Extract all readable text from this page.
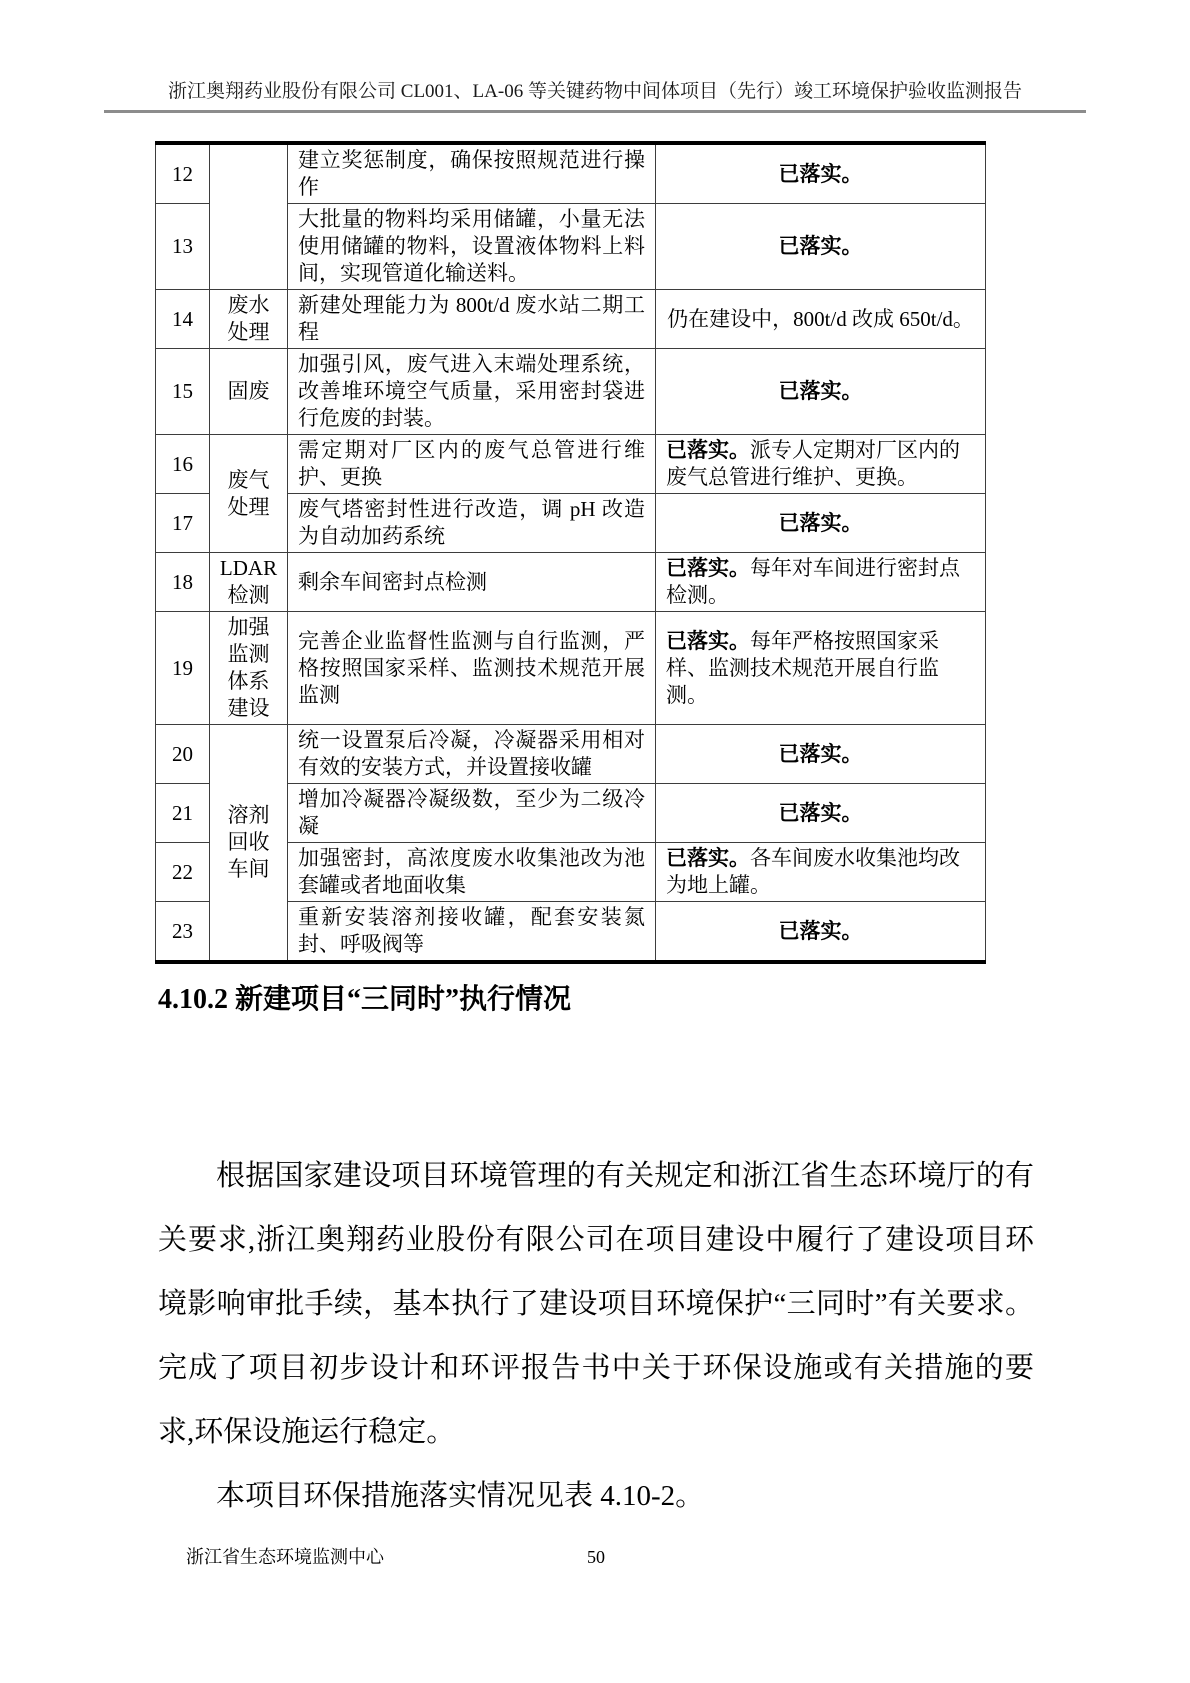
浙江奥翔药业股份有限公司 CL001、LA-06 等关键药物中间体项目（先行）竣工环境保护验收监测报告
12		建立奖惩制度，确保按照规范进行操作	已落实。
13		大批量的物料均采用储罐，小量无法使用储罐的物料，设置液体物料上料间，实现管道化输送料。	已落实。
14	废水处理	新建处理能力为 800t/d 废水站二期工程	仍在建设中，800t/d 改成 650t/d。
15	固废	加强引风，废气进入末端处理系统，改善堆环境空气质量，采用密封袋进行危废的封装。	已落实。
16	废气处理	需定期对厂区内的废气总管进行维护、更换	已落实。派专人定期对厂区内的废气总管进行维护、更换。
17		废气塔密封性进行改造，调 pH 改造为自动加药系统	已落实。
18	LDAR检测	剩余车间密封点检测	已落实。每年对车间进行密封点检测。
19	加强监测体系建设	完善企业监督性监测与自行监测，严格按照国家采样、监测技术规范开展监测	已落实。每年严格按照国家采样、监测技术规范开展自行监测。
20	溶剂回收车间	统一设置泵后冷凝，冷凝器采用相对有效的安装方式，并设置接收罐	已落实。
21		增加冷凝器冷凝级数，至少为二级冷凝	已落实。
22		加强密封，高浓度废水收集池改为池套罐或者地面收集	已落实。各车间废水收集池均改为地上罐。
23		重新安装溶剂接收罐，配套安装氮封、呼吸阀等	已落实。
4.10.2 新建项目“三同时”执行情况

根据国家建设项目环境管理的有关规定和浙江省生态环境厅的有关要求,浙江奥翔药业股份有限公司在项目建设中履行了建设项目环境影响审批手续，基本执行了建设项目环境保护“三同时”有关要求。完成了项目初步设计和环评报告书中关于环保设施或有关措施的要求,环保设施运行稳定。

本项目环保措施落实情况见表 4.10-2。

浙江省生态环境监测中心	50
